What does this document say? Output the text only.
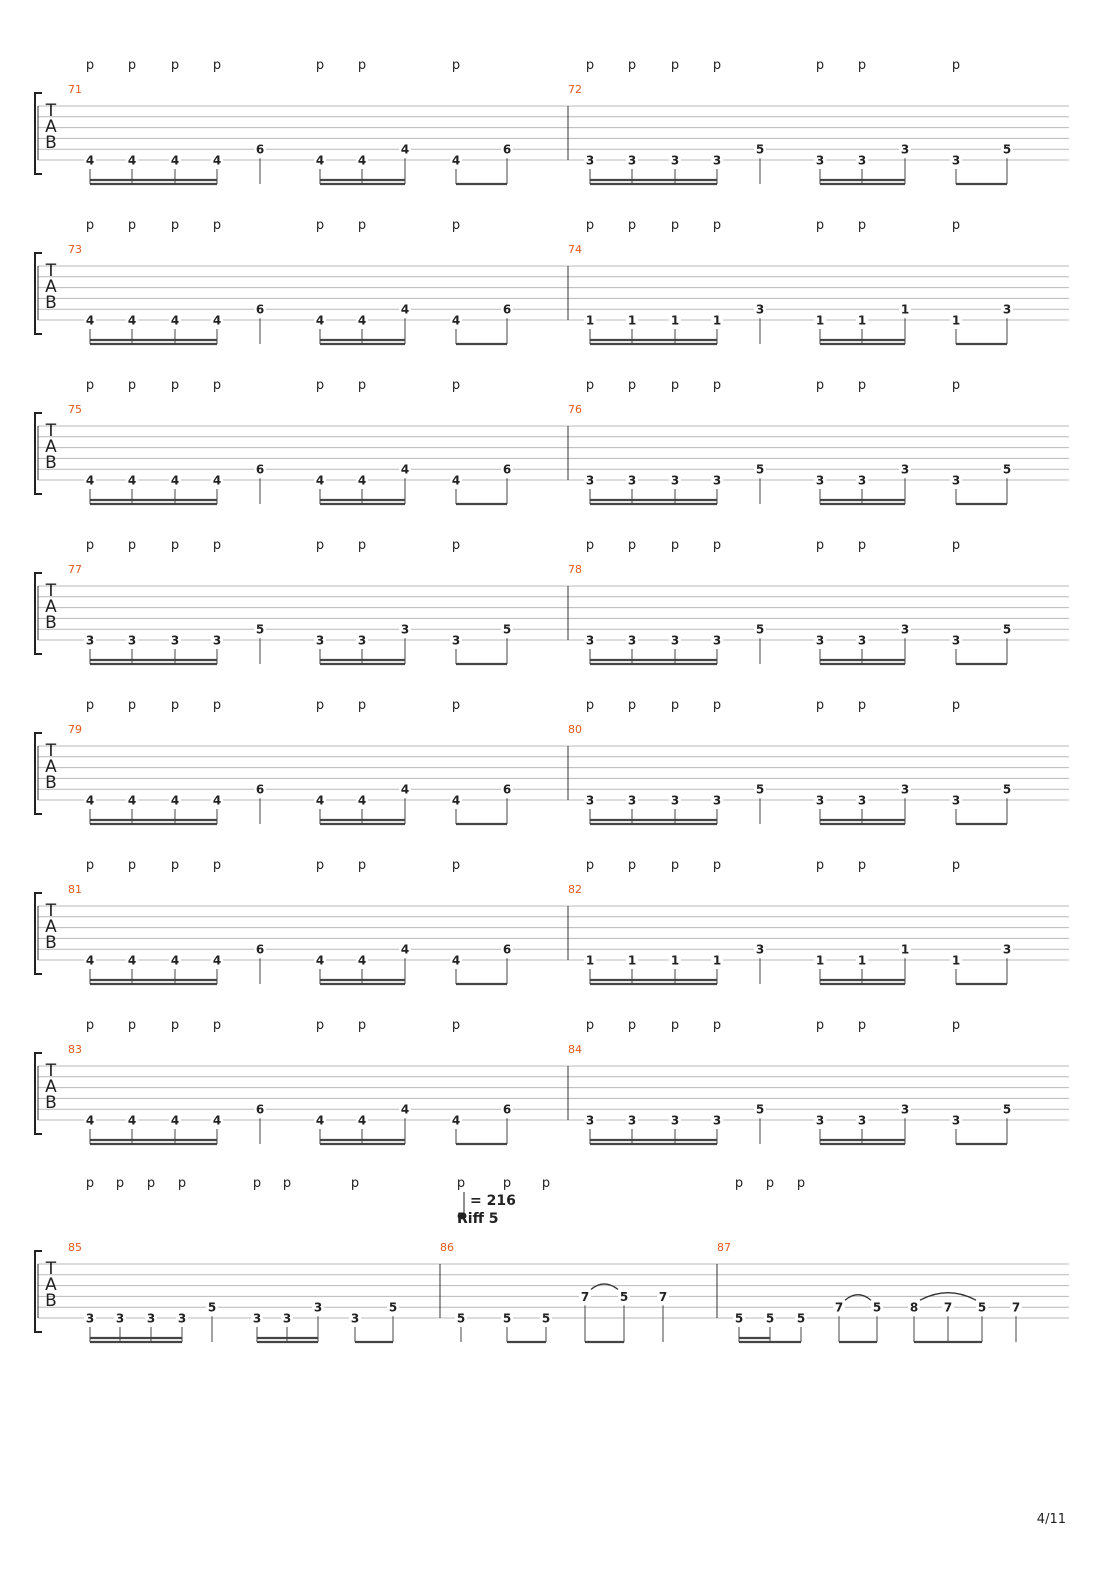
T
A
B
71
4	4	4	4
6
4	4
4
4
6
p	p	p	p	p	p	p
72
3	3	3	3
5
3	3
3
3
5
p	p	p	p	p	p	p
T
A
B
73
4	4	4	4
6
4	4
4
4
6
p	p	p	p	p	p	p
74
1	1	1	1
3
1	1
1
1
3
p	p	p	p	p	p	p
T
A
B
75
4	4	4	4
6
4	4
4
4
6
p	p	p	p	p	p	p
76
3	3	3	3
5
3	3
3
3
5
p	p	p	p	p	p	p
T
A
B
77
3	3	3	3
5
3	3
3
3
5
p	p	p	p	p	p	p
78
3	3	3	3
5
3	3
3
3
5
p	p	p	p	p	p	p
T
A
B
79
4	4	4	4
6
4	4
4
4
6
p	p	p	p	p	p	p
80
3	3	3	3
5
3	3
3
3
5
p	p	p	p	p	p	p
T
A
B
81
4	4	4	4
6
4	4
4
4
6
p	p	p	p	p	p	p
82
1	1	1	1
3
1	1
1
1
3
p	p	p	p	p	p	p
T
A
B
83
4	4	4	4
6
4	4
4
4
6
p	p	p	p	p	p	p
84
3	3	3	3
5
3	3
3
3
5
p	p	p	p	p	p	p
T
A
B
85
3 3 3 3
5
3 3
3
3
5
p p p p	p p	p
= 216
Riff 5
86
5	5	5
7	5	7
p	p p
87
5 5 5
7 5 8 7 5 7
p p p
4/11
